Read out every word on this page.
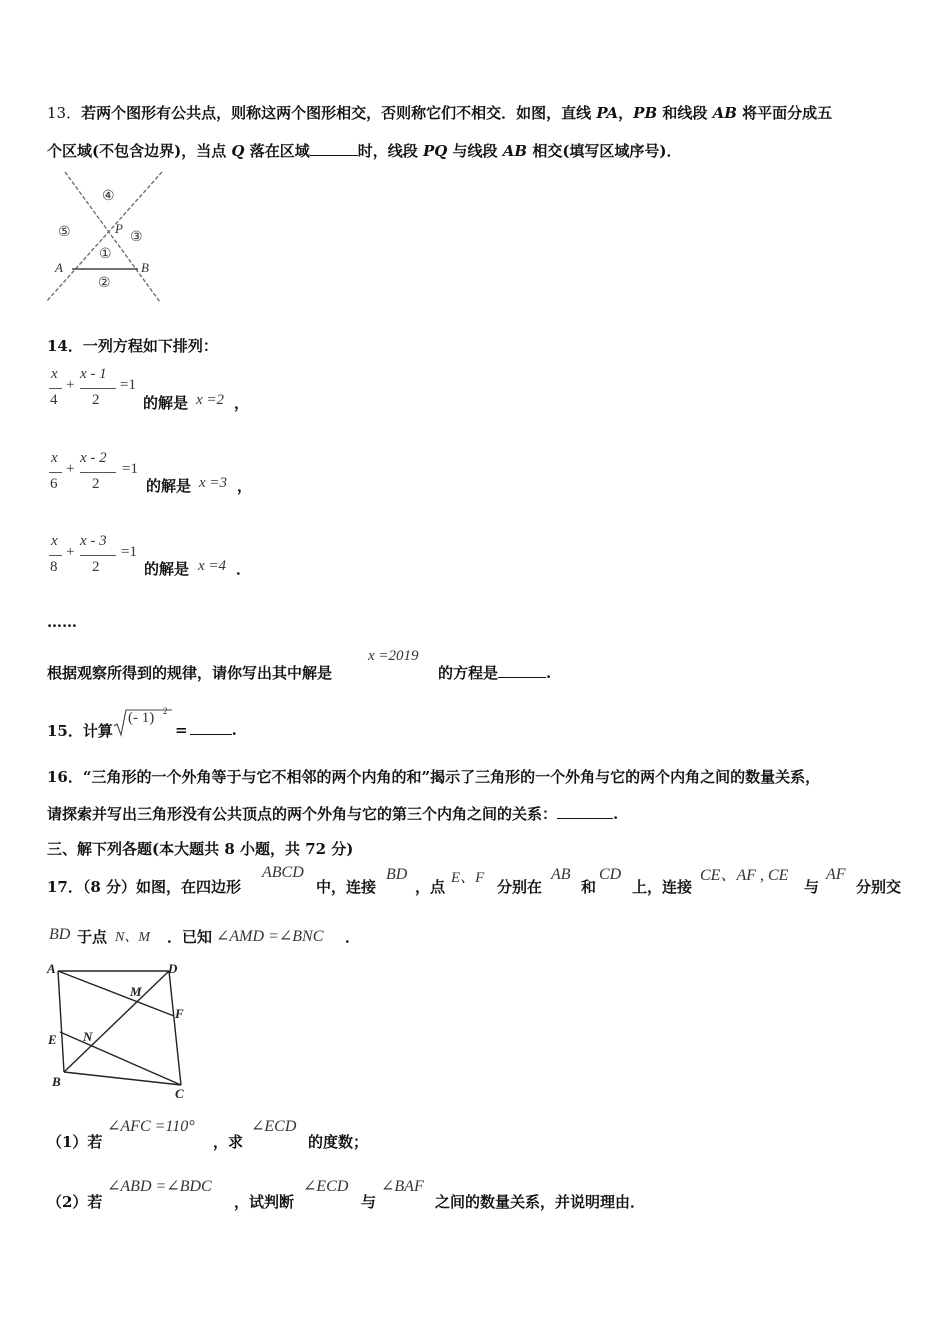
13．若两个图形有公共点，则称这两个图形相交，否则称它们不相交．如图，直线 PA，PB 和线段 AB 将平面分成五
个区域(不包含边界)，当点 Q 落在区域	时，线段 PQ 与线段 AB 相交(填写区域序号)．
④
⑤	P
③
①
A	B
②
14．一列方程如下排列：
x
4
+
x - 1
2
=1
的解是 x =2 ，
x
6
+
x - 2
2
=1
的解是 x =3 ，
x
8
+
x - 3
2
=1
的解是 x =4 ．
……
根据观察所得到的规律，请你写出其中解是
x =2019
的方程是	.
15．计算
(- 1) 2
=	.
16．“三角形的一个外角等于与它不相邻的两个内角的和”揭示了三角形的一个外角与它的两个内角之间的数量关系，
请探索并写出三角形没有公共顶点的两个外角与它的第三个内角之间的关系：	.
三、解下列各题(本大题共 8 小题，共 72 分)
17．（8 分）如图，在四边形
ABCD
中，连接
BD
，点 E、F 分别在
AB
和
CD
上，连接
CE、AF , CE
与
AF
分别交
BD 于点 N、M ．已知 ∠AMD =∠BNC ．
A	D
M
F
E N
B
C
（1）若
∠AFC =110°
，求
∠ECD
的度数；
（2）若
∠ABD =∠BDC
，试判断
∠ECD
与
∠BAF
之间的数量关系，并说明理由．
